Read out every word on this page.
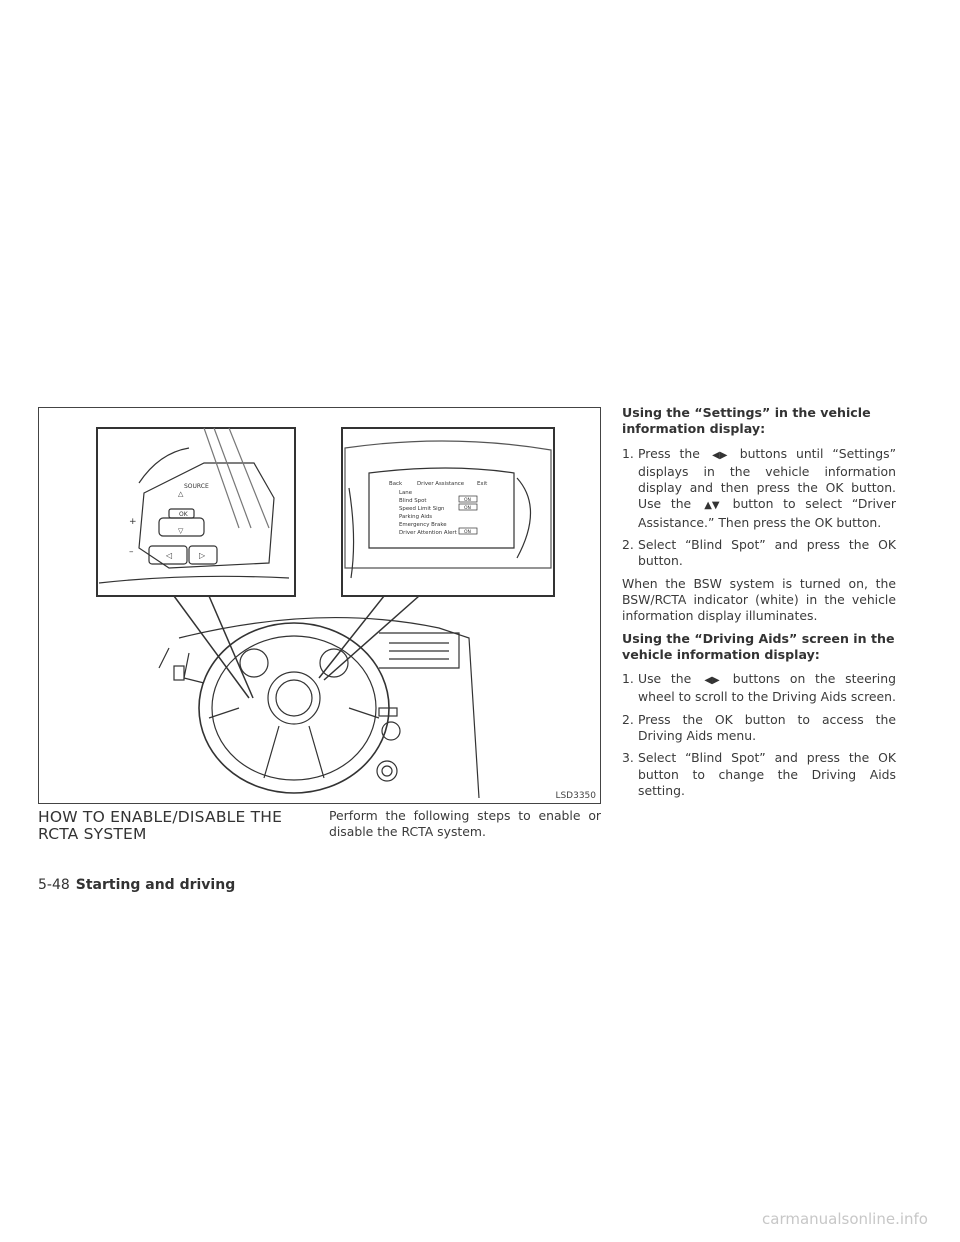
SOURCE
OK
+
–	◁	▷
△
▽
Back	Driver Assistance Exit
Lane
Blind Spot
Speed Limit Sign
Parking Aids
Emergency Brake
Driver Attention Alert
ON
ON
ON
LSD3350
HOW TO ENABLE/DISABLE THE RCTA SYSTEM
Perform the following steps to enable or disable the RCTA system.
Using the “Settings” in the vehicle information display:
1. Press the ◀▶ buttons until “Settings” displays in the vehicle information display and then press the OK button. Use the ▲▼ button to select “Driver Assistance.” Then press the OK button.
2. Select “Blind Spot” and press the OK button.
When the BSW system is turned on, the BSW/RCTA indicator (white) in the vehicle information display illuminates.
Using the “Driving Aids” screen in the vehicle information display:
1. Use the ◀▶ buttons on the steering wheel to scroll to the Driving Aids screen.
2. Press the OK button to access the Driving Aids menu.
3. Select “Blind Spot” and press the OK button to change the Driving Aids setting.
5-48 Starting and driving
carmanualsonline.info
